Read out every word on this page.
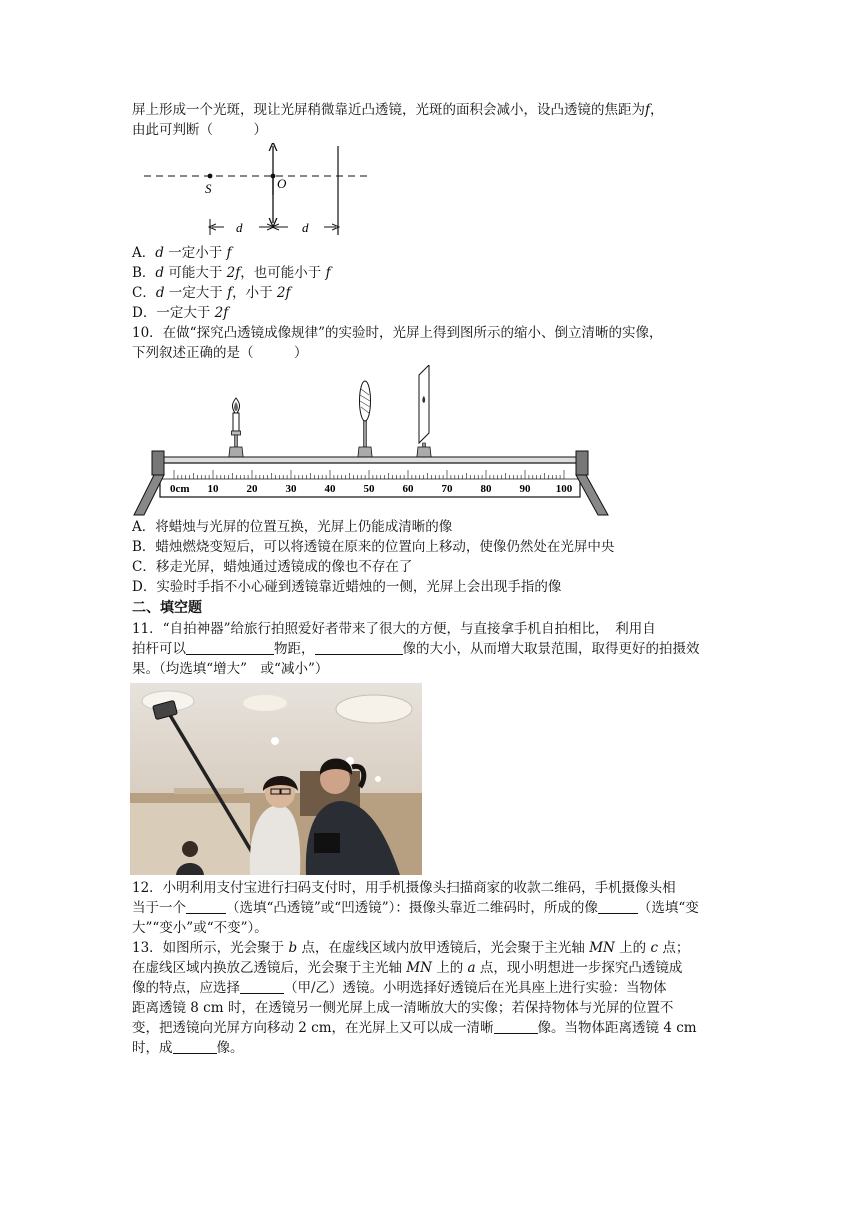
屏上形成一个光斑，现让光屏稍微靠近凸透镜，光斑的面积会减小，设凸透镜的焦距为f，
由此可判断（　　　）
S	O
d	d
A．d 一定小于 f
B．d 可能大于 2f，也可能小于 f
C．d 一定大于 f，小于 2f
D．一定大于 2f
10．在做“探究凸透镜成像规律”的实验时，光屏上得到图所示的缩小、倒立清晰的实像，
下列叙述正确的是（　　　）
0cm 10	20	30	40	50	60	70	80	90 100
A．将蜡烛与光屏的位置互换，光屏上仍能成清晰的像
B．蜡烛燃烧变短后，可以将透镜在原来的位置向上移动，使像仍然处在光屏中央
C．移走光屏，蜡烛通过透镜成的像也不存在了
D．实验时手指不小心碰到透镜靠近蜡烛的一侧，光屏上会出现手指的像
二、填空题
11．“自拍神器”给旅行拍照爱好者带来了很大的方便，与直接拿手机自拍相比，　利用自
拍杆可以	物距，	像的大小，从而增大取景范围，取得更好的拍摄效
果。（均选填“增大”　或“减小”）
12．小明利用支付宝进行扫码支付时，用手机摄像头扫描商家的收款二维码，手机摄像头相
当于一个	（选填“凸透镜”或“凹透镜”）：摄像头靠近二维码时，所成的像	（选填“变
大”“变小”或“不变”）。
13．如图所示，光会聚于 b 点，在虚线区域内放甲透镜后，光会聚于主光轴 MN 上的 c 点；
在虚线区域内换放乙透镜后，光会聚于主光轴 MN 上的 a 点，现小明想进一步探究凸透镜成
像的特点，应选择	（甲/乙）透镜。小明选择好透镜后在光具座上进行实验：当物体
距离透镜 8 cm 时，在透镜另一侧光屏上成一清晰放大的实像；若保持物体与光屏的位置不
变，把透镜向光屏方向移动 2 cm，在光屏上又可以成一清晰	像。当物体距离透镜 4 cm
时，成	像。
